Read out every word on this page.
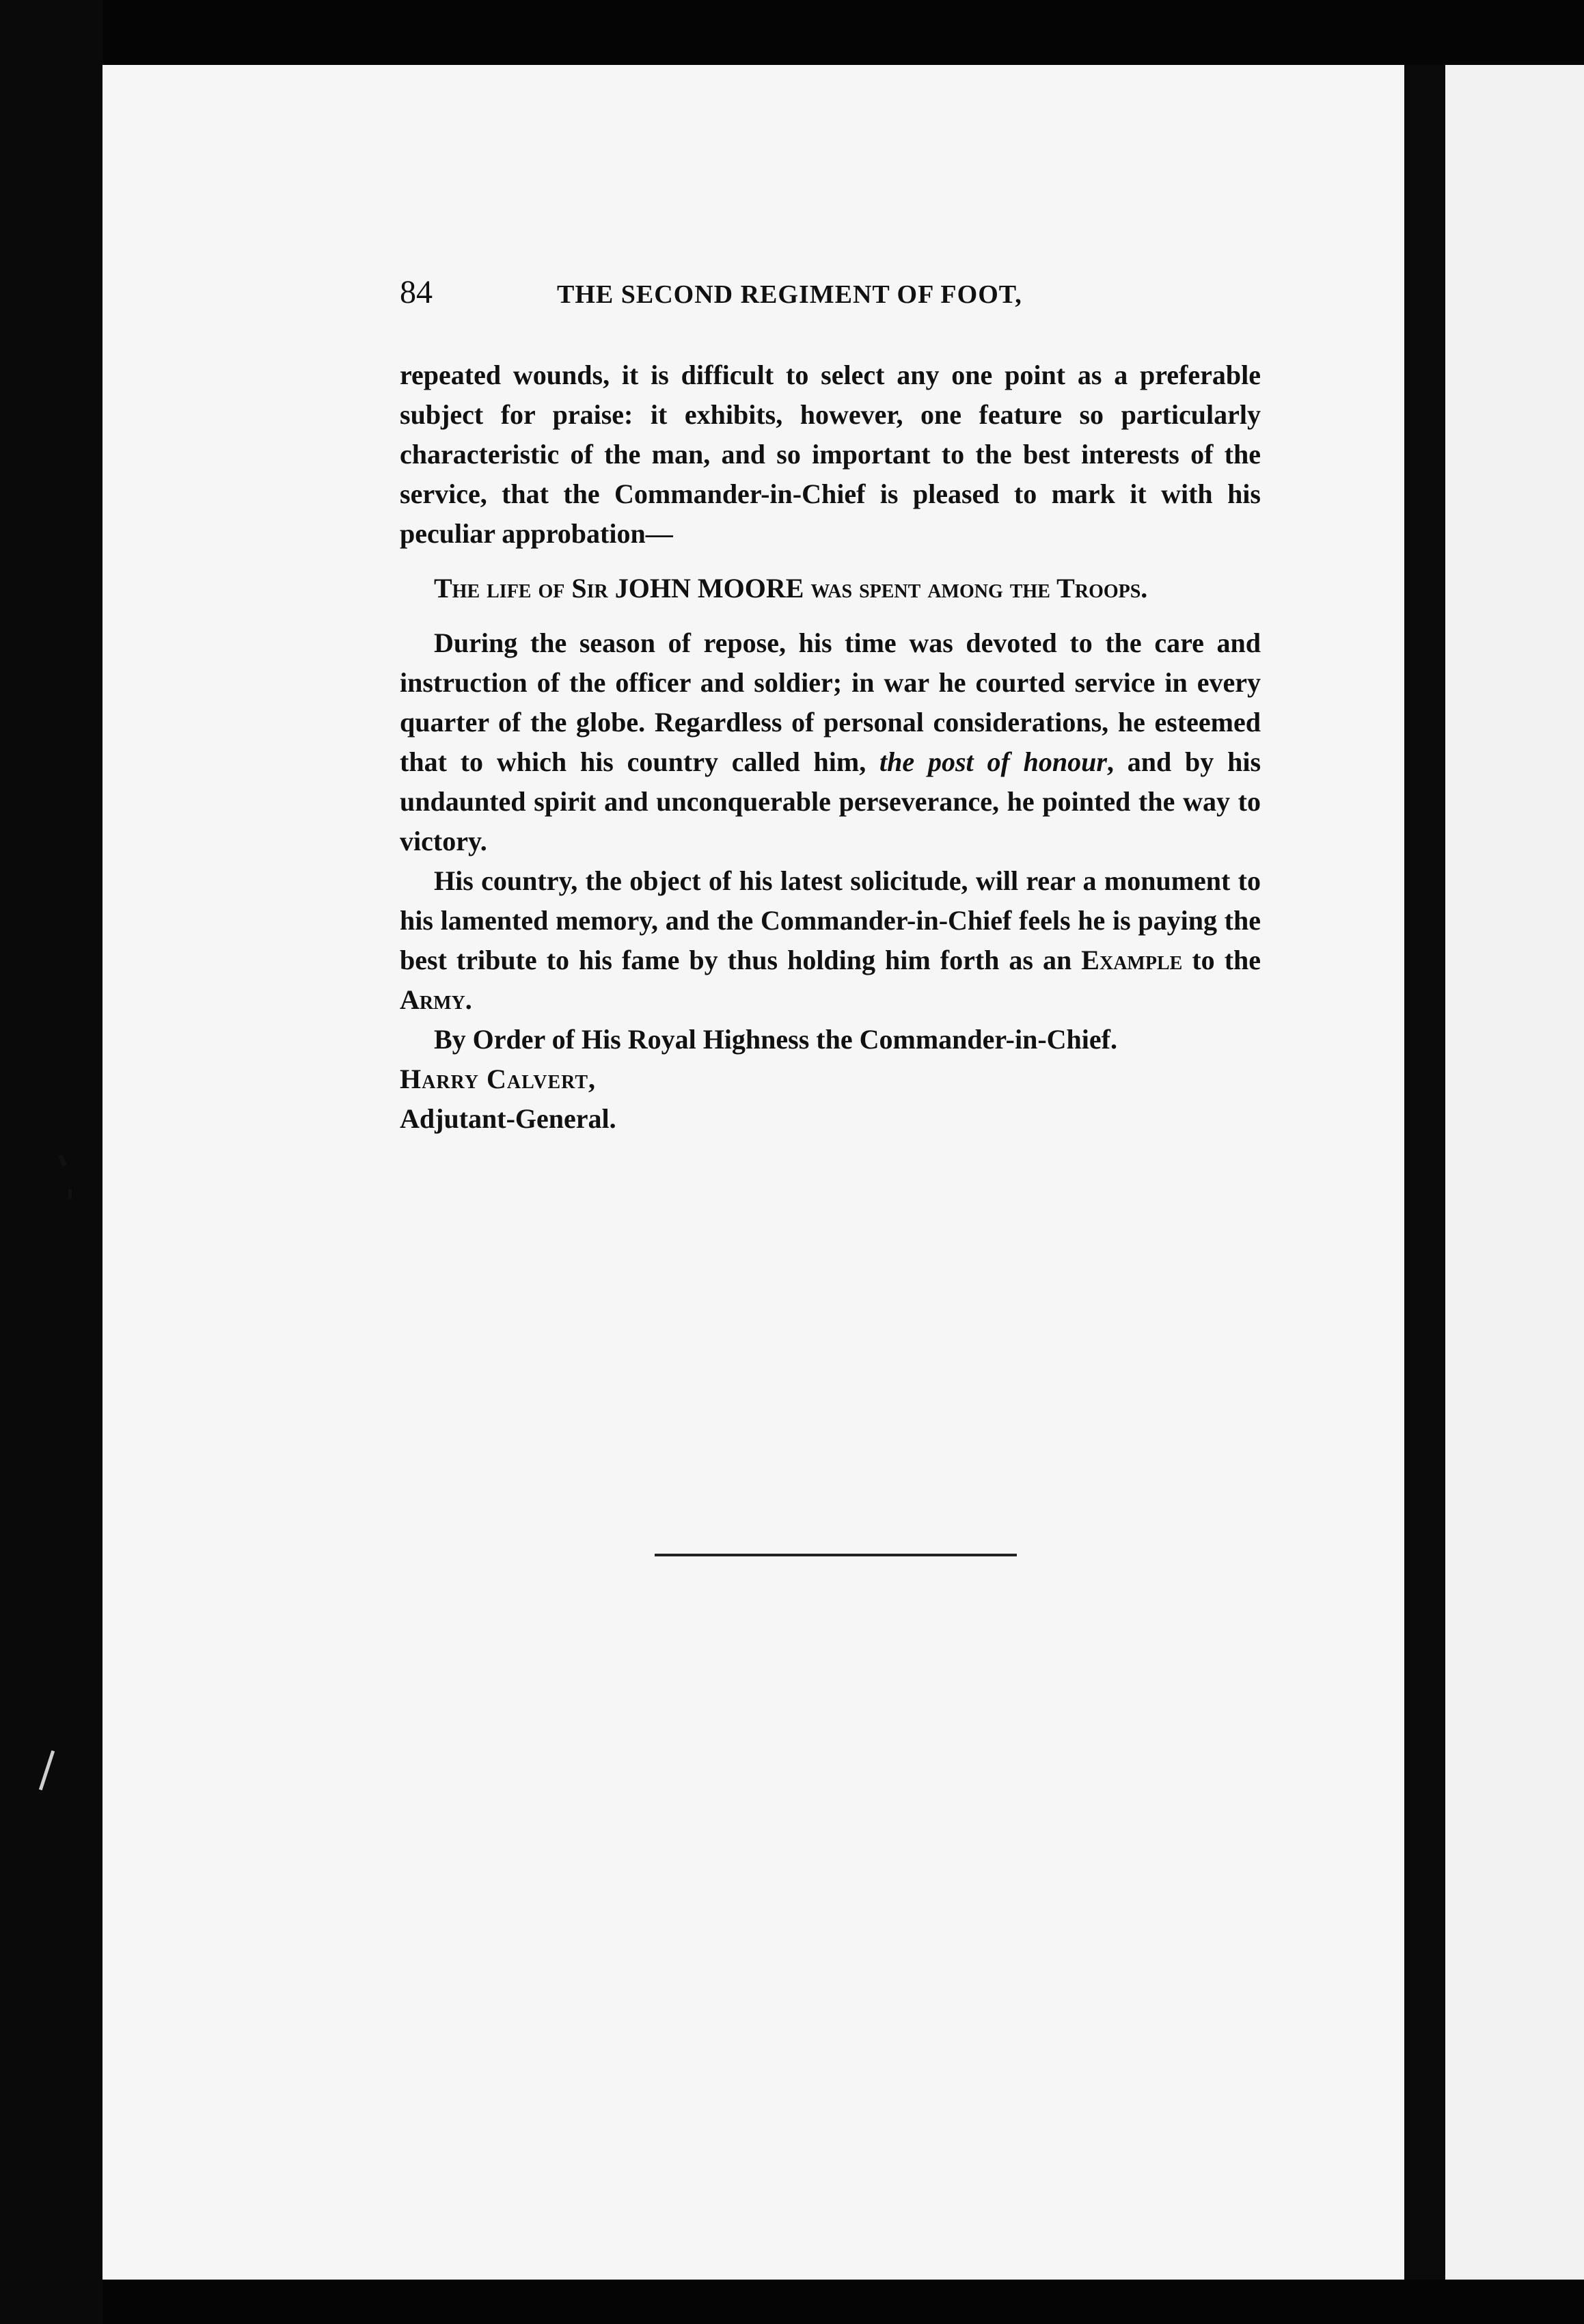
84	THE SECOND REGIMENT OF FOOT,

repeated wounds, it is difficult to select any one point as a preferable subject for praise: it exhibits, however, one feature so particularly characteristic of the man, and so important to the best interests of the service, that the Commander-in-Chief is pleased to mark it with his peculiar approbation—

The life of Sir JOHN MOORE was spent among the Troops.

During the season of repose, his time was devoted to the care and instruction of the officer and soldier; in war he courted service in every quarter of the globe. Regardless of personal considerations, he esteemed that to which his country called him, the post of honour, and by his undaunted spirit and unconquerable perseverance, he pointed the way to victory.

His country, the object of his latest solicitude, will rear a monument to his lamented memory, and the Commander-in-Chief feels he is paying the best tribute to his fame by thus holding him forth as an Example to the Army.

By Order of His Royal Highness the Commander-in-Chief.

Harry Calvert,

Adjutant-General.
